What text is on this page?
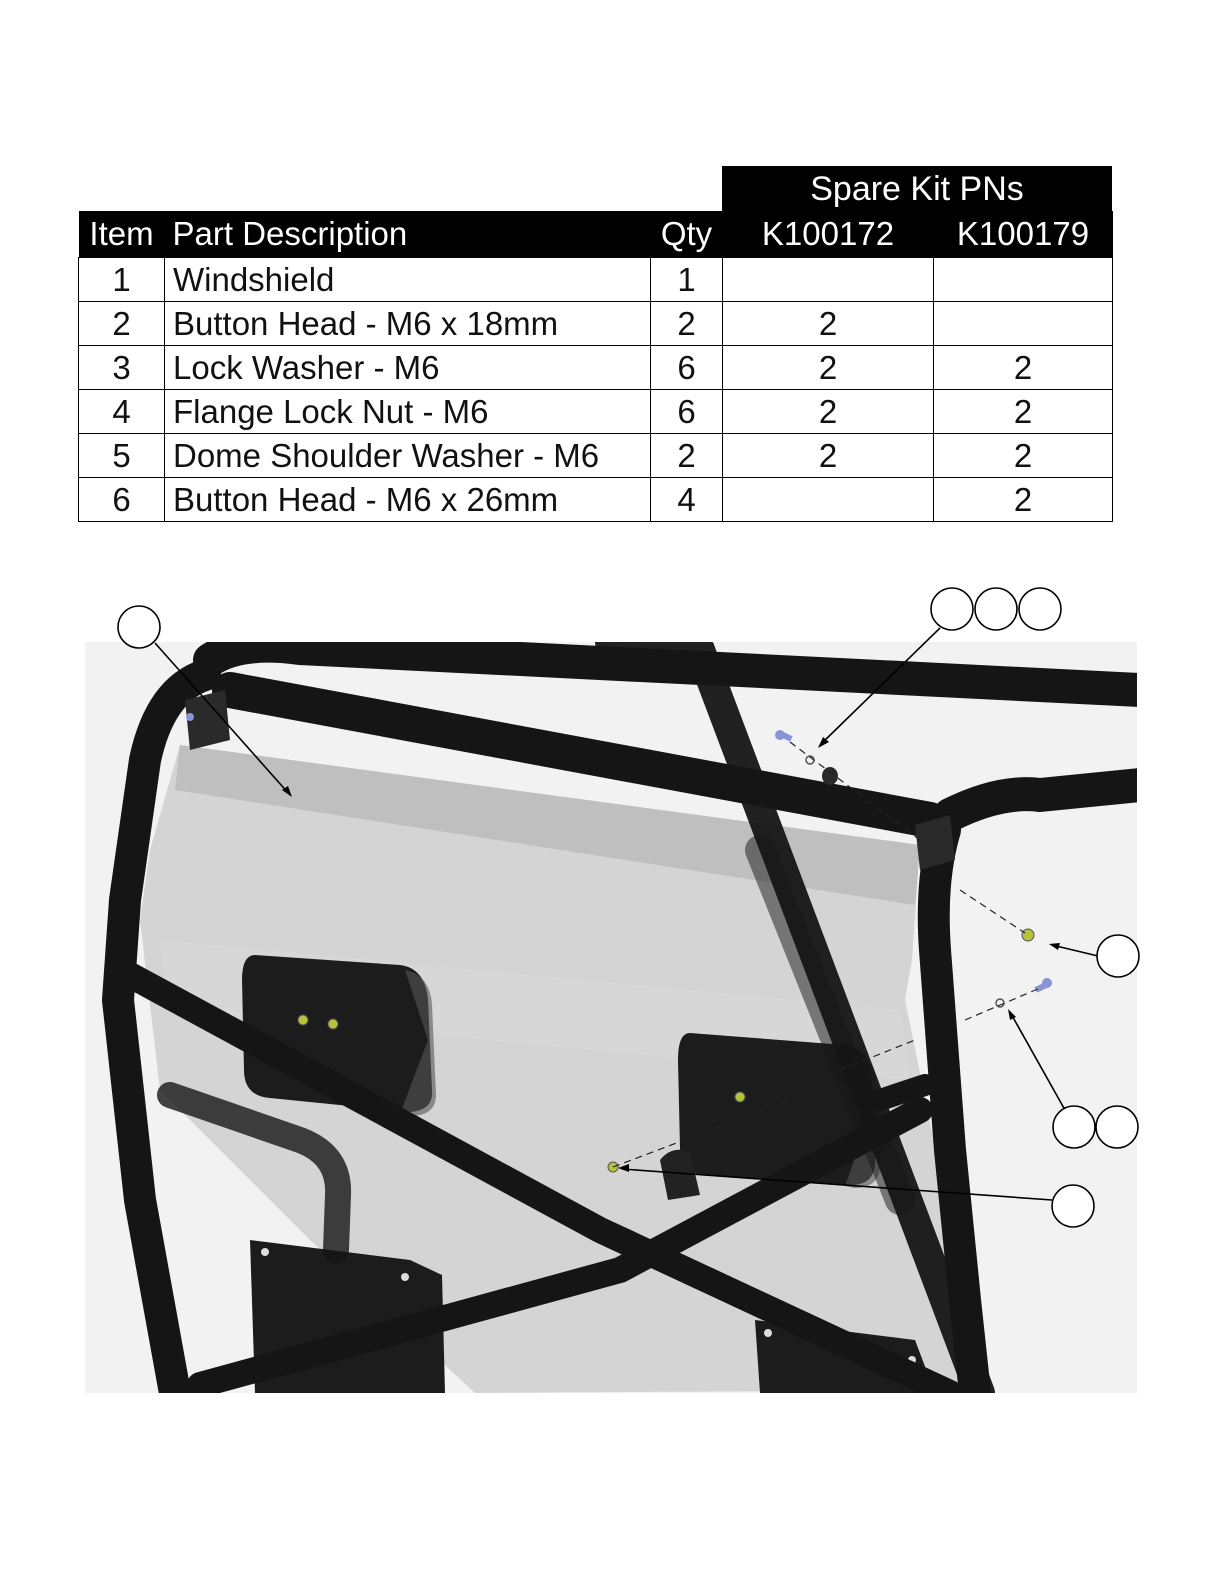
Spare Kit PNs
Item	Part Description	Qty	K100172	K100179
1	Windshield	1		
2	Button Head - M6 x 18mm	2	2	
3	Lock Washer - M6	6	2	2
4	Flange Lock Nut - M6	6	2	2
5	Dome Shoulder Washer - M6	2	2	2
6	Button Head - M6 x 26mm	4		2
